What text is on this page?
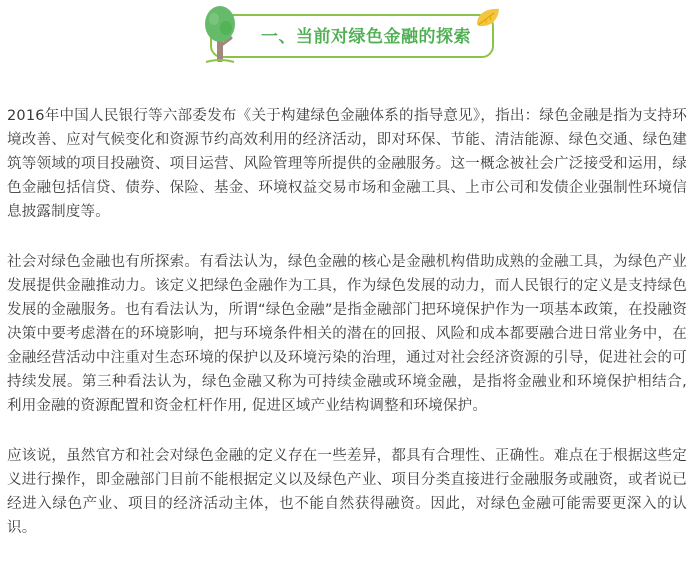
一、当前对绿色金融的探索

2016年中国人民银行等六部委发布《关于构建绿色金融体系的指导意见》，指出：绿色金融是指为支持环境改善、应对气候变化和资源节约高效利用的经济活动，即对环保、节能、清洁能源、绿色交通、绿色建筑等领域的项目投融资、项目运营、风险管理等所提供的金融服务。这一概念被社会广泛接受和运用，绿色金融包括信贷、债券、保险、基金、环境权益交易市场和金融工具、上市公司和发债企业强制性环境信息披露制度等。

社会对绿色金融也有所探索。有看法认为，绿色金融的核心是金融机构借助成熟的金融工具，为绿色产业发展提供金融推动力。该定义把绿色金融作为工具，作为绿色发展的动力，而人民银行的定义是支持绿色发展的金融服务。也有看法认为，所谓“绿色金融”是指金融部门把环境保护作为一项基本政策，在投融资决策中要考虑潜在的环境影响，把与环境条件相关的潜在的回报、风险和成本都要融合进日常业务中，在金融经营活动中注重对生态环境的保护以及环境污染的治理，通过对社会经济资源的引导，促进社会的可持续发展。第三种看法认为，绿色金融又称为可持续金融或环境金融，是指将金融业和环境保护相结合, 利用金融的资源配置和资金杠杆作用, 促进区域产业结构调整和环境保护。

应该说，虽然官方和社会对绿色金融的定义存在一些差异，都具有合理性、正确性。难点在于根据这些定义进行操作，即金融部门目前不能根据定义以及绿色产业、项目分类直接进行金融服务或融资，或者说已经进入绿色产业、项目的经济活动主体，也不能自然获得融资。因此，对绿色金融可能需要更深入的认识。
